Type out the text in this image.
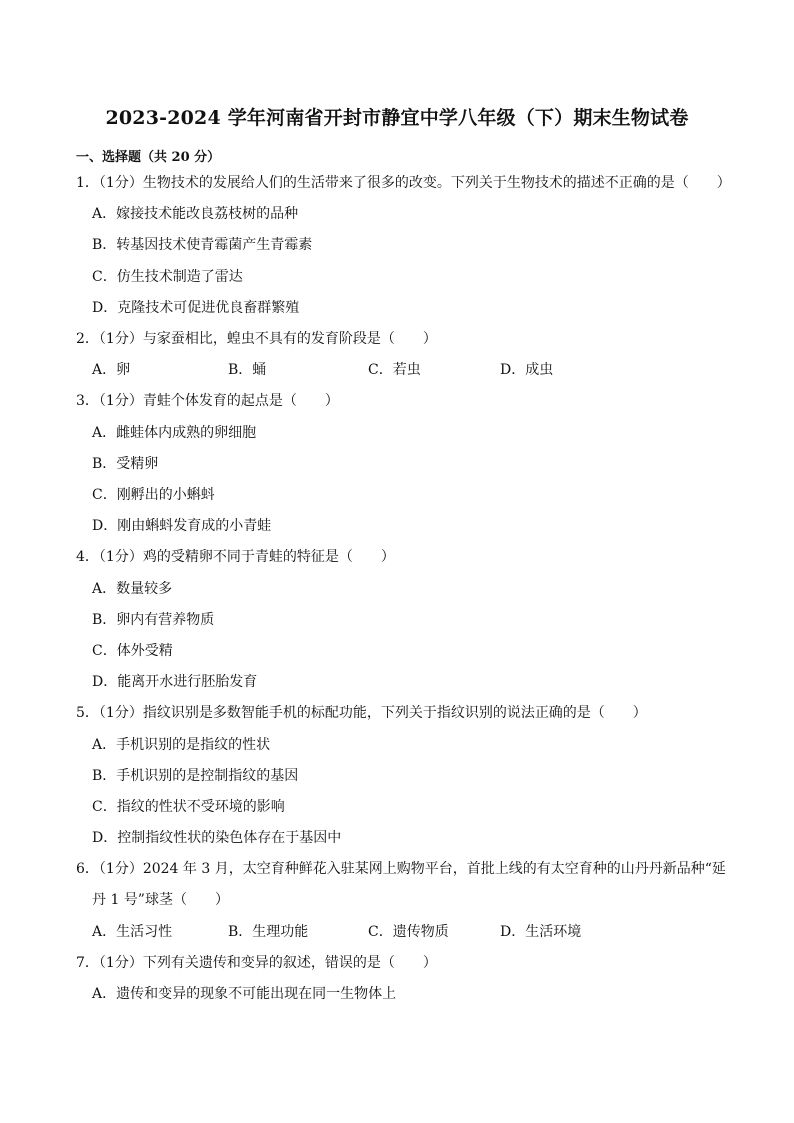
2023-2024 学年河南省开封市静宜中学八年级（下）期末生物试卷
一、选择题（共 20 分）
1．（1分）生物技术的发展给人们的生活带来了很多的改变。下列关于生物技术的描述不正确的是（　　）
A．嫁接技术能改良荔枝树的品种
B．转基因技术使青霉菌产生青霉素
C．仿生技术制造了雷达
D．克隆技术可促进优良畜群繁殖
2．（1分）与家蚕相比，蝗虫不具有的发育阶段是（　　）
A．卵	B．蛹	C．若虫	D．成虫
3．（1分）青蛙个体发育的起点是（　　）
A．雌蛙体内成熟的卵细胞
B．受精卵
C．刚孵出的小蝌蚪
D．刚由蝌蚪发育成的小青蛙
4．（1分）鸡的受精卵不同于青蛙的特征是（　　）
A．数量较多
B．卵内有营养物质
C．体外受精
D．能离开水进行胚胎发育
5．（1分）指纹识别是多数智能手机的标配功能，下列关于指纹识别的说法正确的是（　　）
A．手机识别的是指纹的性状
B．手机识别的是控制指纹的基因
C．指纹的性状不受环境的影响
D．控制指纹性状的染色体存在于基因中
6．（1分）2024 年 3 月，太空育种鲜花入驻某网上购物平台，首批上线的有太空育种的山丹丹新品种“延
丹 1 号”球茎（　　）
A．生活习性	B．生理功能	C．遗传物质	D．生活环境
7．（1分）下列有关遗传和变异的叙述，错误的是（　　）
A．遗传和变异的现象不可能出现在同一生物体上
